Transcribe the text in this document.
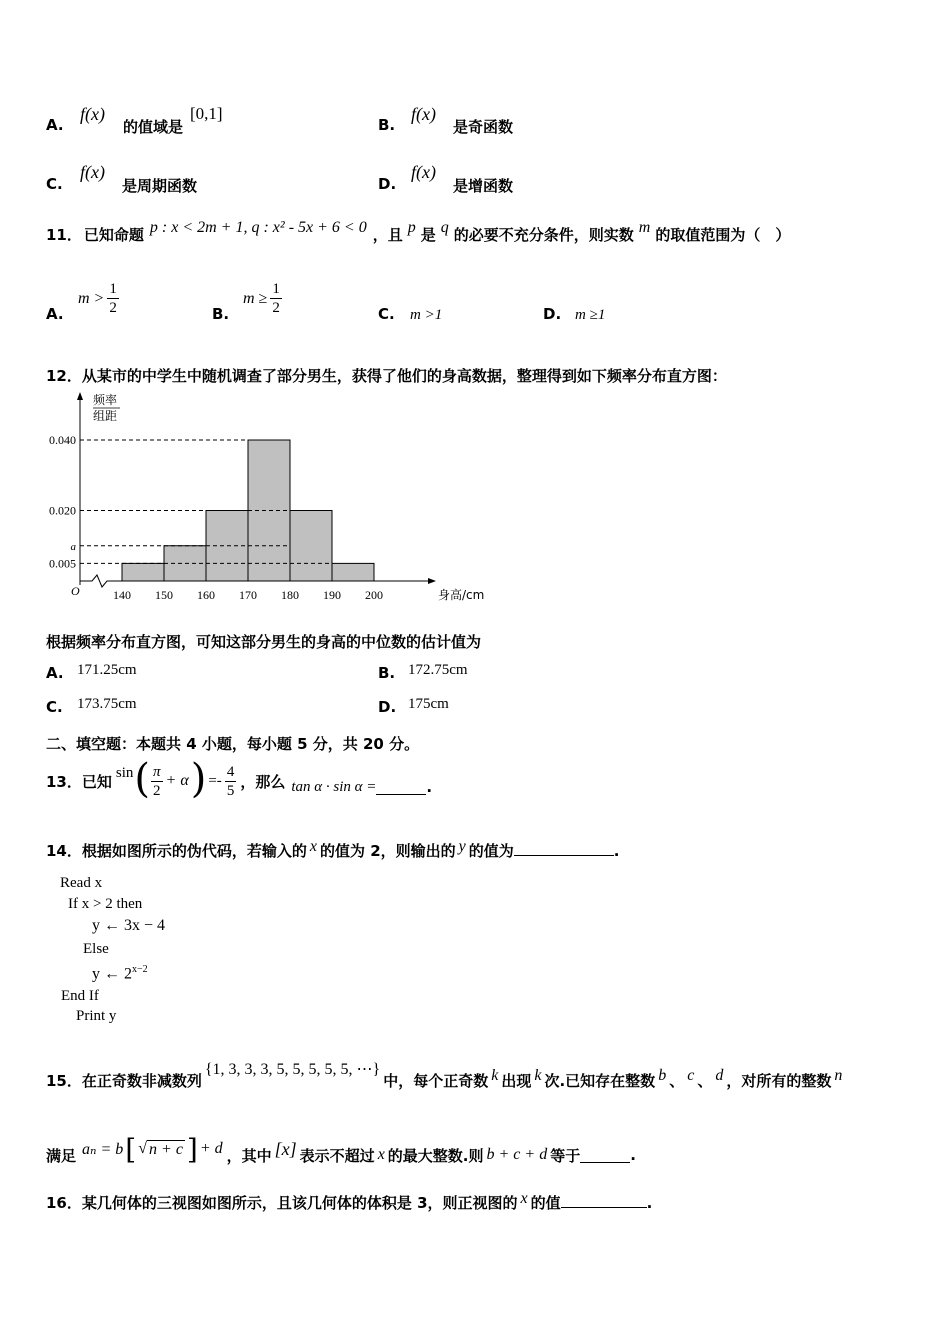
A.
f(x)
的值域是
[0,1]
B.
f(x)
是奇函数
C.
f(x)
是周期函数	D.
f(x)
是增函数
11． 已知命题 p : x < 2m + 1, q : x² - 5x + 6 < 0 ，且 p 是 q 的必要不充分条件，则实数 m 的取值范围为（　）
A.
$m > \frac{1}{2}$	B.
$m \ge \frac{1}{2}$	C. m >1	D. m ≥1
12．从某市的中学生中随机调查了部分男生，获得了他们的身高数据，整理得到如下频率分布直方图：
0.040
0.020
a
0.005
140 150 160 170 180 190 200
O	身高/cm
频率
组距
根据频率分布直方图，可知这部分男生的身高的中位数的估计值为
A. 171.25cm	B. 172.75cm
C. 173.75cm	D. 175cm
二、填空题：本题共 4 小题，每小题 5 分，共 20 分。
13． 已知 sin ( $\frac{\pi}{2} + \alpha$ ) =- $\frac{4}{5}$ ，那么 tan α · sin α =	.
14．根据如图所示的伪代码，若输入的 x 的值为 2，则输出的 y 的值为	.
Read x
If x > 2 then
y ← 3x − 4
Else
y ← $2^{x-2}$
End If
Print y
15．在正奇数非减数列
{1, 3, 3, 3, 5, 5, 5, 5, 5, ⋯}
中，每个正奇数 k 出现 k 次.已知存在整数 b 、 c 、 d ，对所有的整数 n
满足 aₙ = b [ √ n + c ] + d ，其中 [x] 表示不超过 x 的最大整数.则 b + c + d 等于	.
16．某几何体的三视图如图所示，且该几何体的体积是 3，则正视图的 x 的值	.
